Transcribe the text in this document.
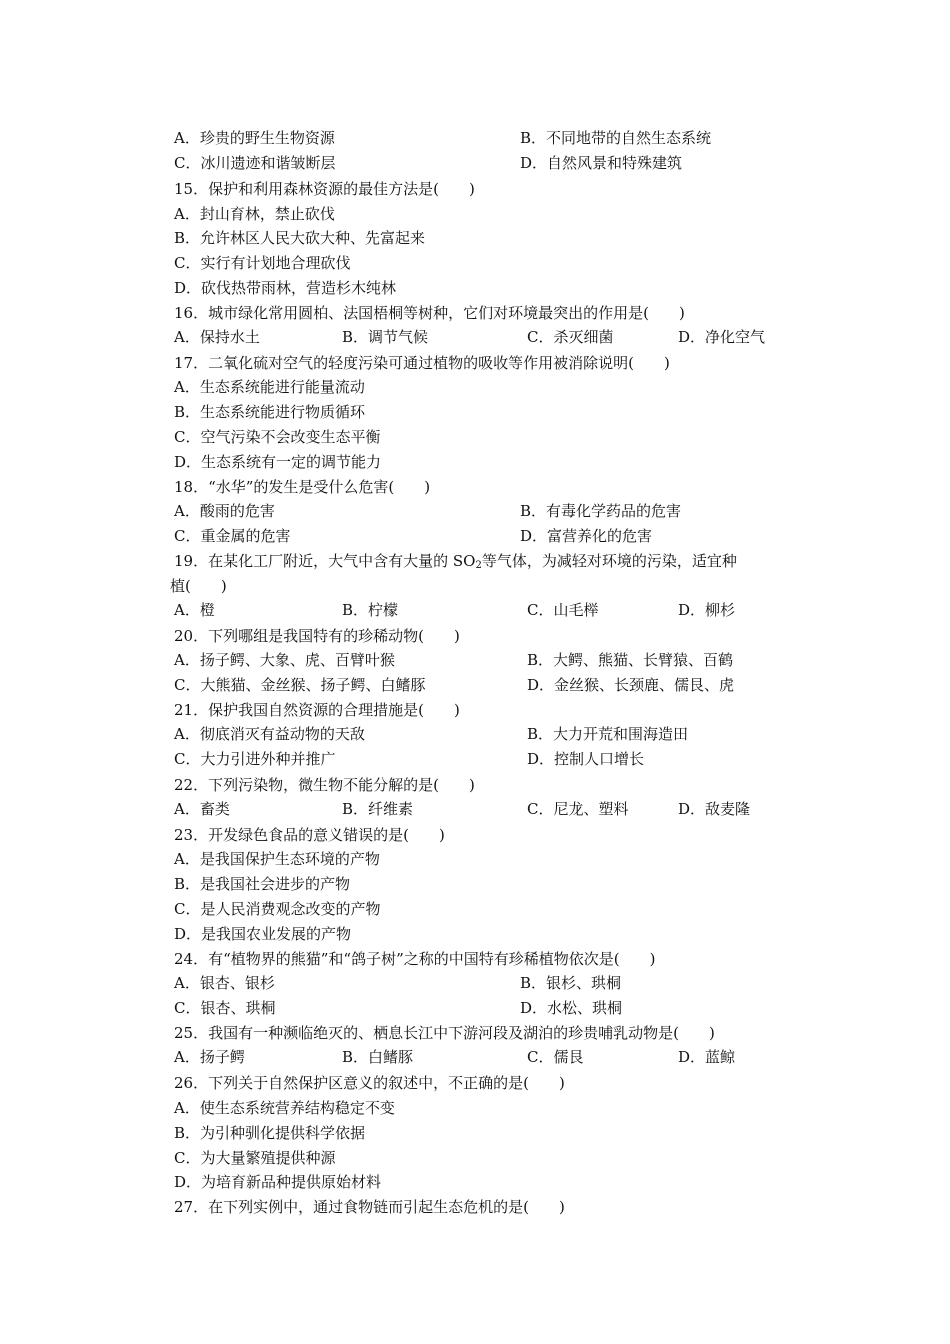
A．珍贵的野生生物资源	B．不同地带的自然生态系统
C．冰川遗迹和谐皱断层	D．自然风景和特殊建筑
15．保护和利用森林资源的最佳方法是(　　)
A．封山育林，禁止砍伐
B．允许林区人民大砍大种、先富起来
C．实行有计划地合理砍伐
D．砍伐热带雨林，营造杉木纯林
16．城市绿化常用圆柏、法国梧桐等树种，它们对环境最突出的作用是(　　)
A．保持水土	B．调节气候	C．杀灭细菌	D．净化空气
17．二氧化硫对空气的轻度污染可通过植物的吸收等作用被消除说明(　　)
A．生态系统能进行能量流动
B．生态系统能进行物质循环
C．空气污染不会改变生态平衡
D．生态系统有一定的调节能力
18．“水华”的发生是受什么危害(　　)
A．酸雨的危害	B．有毒化学药品的危害
C．重金属的危害	D．富营养化的危害
19．在某化工厂附近，大气中含有大量的 $SO_2$等气体，为减轻对环境的污染，适宜种
植(　　)
A．橙	B．柠檬	C．山毛榉	D．柳杉
20．下列哪组是我国特有的珍稀动物(　　)
A．扬子鳄、大象、虎、百臂叶猴	B．大鳄、熊猫、长臂猿、百鹤
C．大熊猫、金丝猴、扬子鳄、白鳍豚	D．金丝猴、长颈鹿、儒艮、虎
21．保护我国自然资源的合理措施是(　　)
A．彻底消灭有益动物的天敌	B．大力开荒和围海造田
C．大力引进外种并推广	D．控制人口增长
22．下列污染物，微生物不能分解的是(　　)
A．畜类	B．纤维素	C．尼龙、塑料	D．敌麦隆
23．开发绿色食品的意义错误的是(　　)
A．是我国保护生态环境的产物
B．是我国社会进步的产物
C．是人民消费观念改变的产物
D．是我国农业发展的产物
24．有“植物界的熊猫”和“鸽子树”之称的中国特有珍稀植物依次是(　　)
A．银杏、银杉	B．银杉、珙桐
C．银杏、珙桐	D．水松、珙桐
25．我国有一种濒临绝灭的、栖息长江中下游河段及湖泊的珍贵哺乳动物是(　　)
A．扬子鳄	B．白鳍豚	C．儒艮	D．蓝鲸
26．下列关于自然保护区意义的叙述中，不正确的是(　　)
A．使生态系统营养结构稳定不变
B．为引种驯化提供科学依据
C．为大量繁殖提供种源
D．为培育新品种提供原始材料
27．在下列实例中，通过食物链而引起生态危机的是(　　)
